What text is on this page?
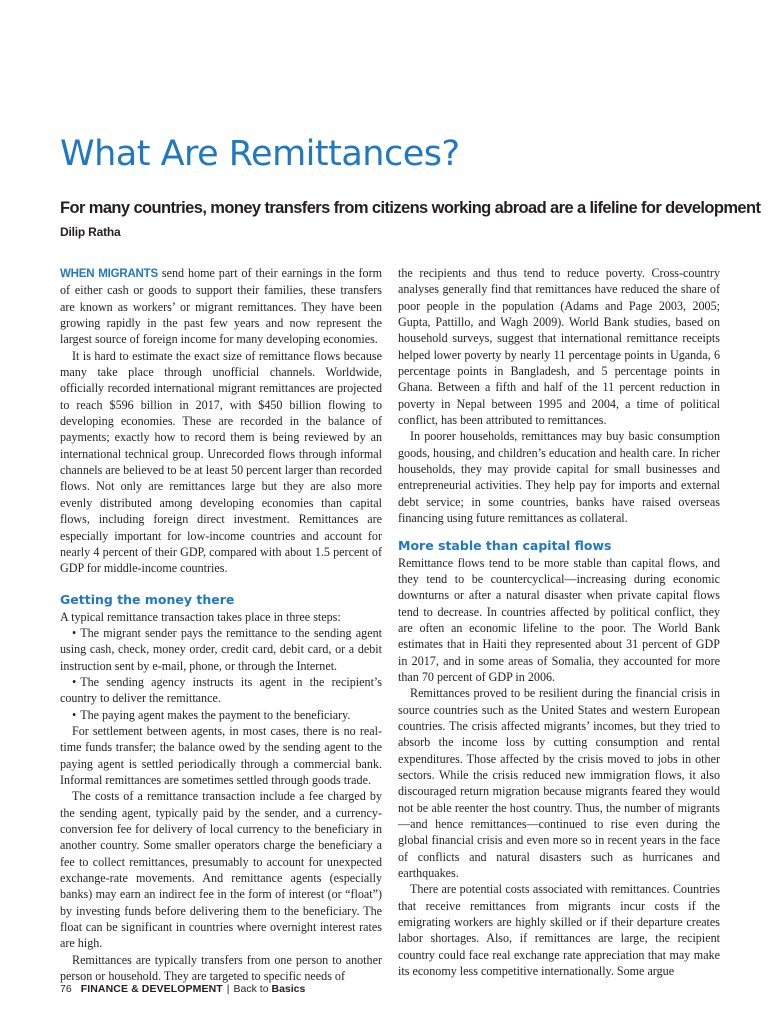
What Are Remittances?
For many countries, money transfers from citizens working abroad are a lifeline for development
Dilip Ratha

WHEN MIGRANTS send home part of their earnings in the form of either cash or goods to support their families, these transfers are known as workers’ or migrant remittances. They have been growing rapidly in the past few years and now represent the largest source of foreign income for many developing economies.

It is hard to estimate the exact size of remittance flows because many take place through unofficial channels. Worldwide, officially recorded international migrant remittances are projected to reach $596 billion in 2017, with $450 billion flowing to developing economies. These are recorded in the balance of payments; exactly how to record them is being reviewed by an international technical group. Unrecorded flows through informal channels are believed to be at least 50 percent larger than recorded flows. Not only are remittances large but they are also more evenly distributed among developing economies than capital flows, including foreign direct investment. Remittances are especially important for low-income countries and account for nearly 4 percent of their GDP, compared with about 1.5 percent of GDP for middle-income countries.

Getting the money there

A typical remittance transaction takes place in three steps:

• The migrant sender pays the remittance to the sending agent using cash, check, money order, credit card, debit card, or a debit instruction sent by e-mail, phone, or through the Internet.

• The sending agency instructs its agent in the recipient’s country to deliver the remittance.

• The paying agent makes the payment to the beneficiary.

For settlement between agents, in most cases, there is no real-time funds transfer; the balance owed by the sending agent to the paying agent is settled periodically through a commercial bank. Informal remittances are sometimes settled through goods trade.

The costs of a remittance transaction include a fee charged by the sending agent, typically paid by the sender, and a currency-conversion fee for delivery of local currency to the beneficiary in another country. Some smaller operators charge the beneficiary a fee to collect remittances, presumably to account for unexpected exchange-rate movements. And remittance agents (especially banks) may earn an indirect fee in the form of interest (or “float”) by investing funds before delivering them to the beneficiary. The float can be significant in countries where overnight interest rates are high.

Remittances are typically transfers from one person to another person or household. They are targeted to specific needs of

the recipients and thus tend to reduce poverty. Cross-country analyses generally find that remittances have reduced the share of poor people in the population (Adams and Page 2003, 2005; Gupta, Pattillo, and Wagh 2009). World Bank studies, based on household surveys, suggest that international remittance receipts helped lower poverty by nearly 11 percentage points in Uganda, 6 percentage points in Bangladesh, and 5 percentage points in Ghana. Between a fifth and half of the 11 percent reduction in poverty in Nepal between 1995 and 2004, a time of political conflict, has been attributed to remittances.

In poorer households, remittances may buy basic consumption goods, housing, and children’s education and health care. In richer households, they may provide capital for small businesses and entrepreneurial activities. They help pay for imports and external debt service; in some countries, banks have raised overseas financing using future remittances as collateral.

More stable than capital flows

Remittance flows tend to be more stable than capital flows, and they tend to be countercyclical—increasing during economic downturns or after a natural disaster when private capital flows tend to decrease. In countries affected by political conflict, they are often an economic lifeline to the poor. The World Bank estimates that in Haiti they represented about 31 percent of GDP in 2017, and in some areas of Somalia, they accounted for more than 70 percent of GDP in 2006.

Remittances proved to be resilient during the financial crisis in source countries such as the United States and western European countries. The crisis affected migrants’ incomes, but they tried to absorb the income loss by cutting consumption and rental expenditures. Those affected by the crisis moved to jobs in other sectors. While the crisis reduced new immigration flows, it also discouraged return migration because migrants feared they would not be able reenter the host country. Thus, the number of migrants—and hence remittances—continued to rise even during the global financial crisis and even more so in recent years in the face of conflicts and natural disasters such as hurricanes and earthquakes.

There are potential costs associated with remittances. Countries that receive remittances from migrants incur costs if the emigrating workers are highly skilled or if their departure creates labor shortages. Also, if remittances are large, the recipient country could face real exchange rate appreciation that may make its economy less competitive internationally. Some argue

76 FINANCE & DEVELOPMENT | Back to Basics
